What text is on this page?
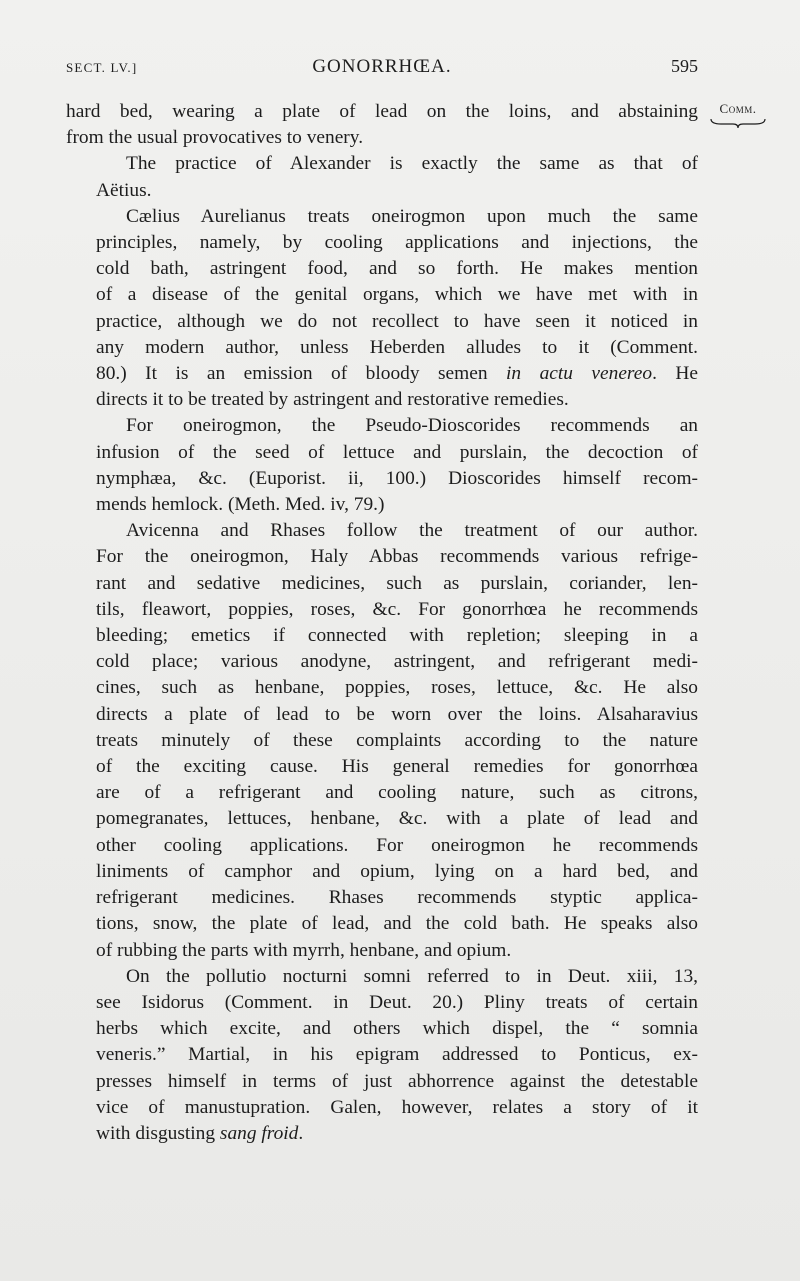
SECT. LV.]	GONORRHŒA.	595
Comm.
hard bed, wearing a plate of lead on the loins, and abstaining
from the usual provocatives to venery.
The practice of Alexander is exactly the same as that of
Aëtius.
Cælius Aurelianus treats oneirogmon upon much the same
principles, namely, by cooling applications and injections, the
cold bath, astringent food, and so forth. He makes mention
of a disease of the genital organs, which we have met with in
practice, although we do not recollect to have seen it noticed in
any modern author, unless Heberden alludes to it (Comment.
80.) It is an emission of bloody semen in actu venereo. He
directs it to be treated by astringent and restorative remedies.
For oneirogmon, the Pseudo-Dioscorides recommends an
infusion of the seed of lettuce and purslain, the decoction of
nymphæa, &c. (Euporist. ii, 100.) Dioscorides himself recom-
mends hemlock. (Meth. Med. iv, 79.)
Avicenna and Rhases follow the treatment of our author.
For the oneirogmon, Haly Abbas recommends various refrige-
rant and sedative medicines, such as purslain, coriander, len-
tils, fleawort, poppies, roses, &c. For gonorrhœa he recommends
bleeding; emetics if connected with repletion; sleeping in a
cold place; various anodyne, astringent, and refrigerant medi-
cines, such as henbane, poppies, roses, lettuce, &c. He also
directs a plate of lead to be worn over the loins. Alsaharavius
treats minutely of these complaints according to the nature
of the exciting cause. His general remedies for gonorrhœa
are of a refrigerant and cooling nature, such as citrons,
pomegranates, lettuces, henbane, &c. with a plate of lead and
other cooling applications. For oneirogmon he recommends
liniments of camphor and opium, lying on a hard bed, and
refrigerant medicines. Rhases recommends styptic applica-
tions, snow, the plate of lead, and the cold bath. He speaks also
of rubbing the parts with myrrh, henbane, and opium.
On the pollutio nocturni somni referred to in Deut. xiii, 13,
see Isidorus (Comment. in Deut. 20.) Pliny treats of certain
herbs which excite, and others which dispel, the “ somnia
veneris.” Martial, in his epigram addressed to Ponticus, ex-
presses himself in terms of just abhorrence against the detestable
vice of manustupration. Galen, however, relates a story of it
with disgusting sang froid.
